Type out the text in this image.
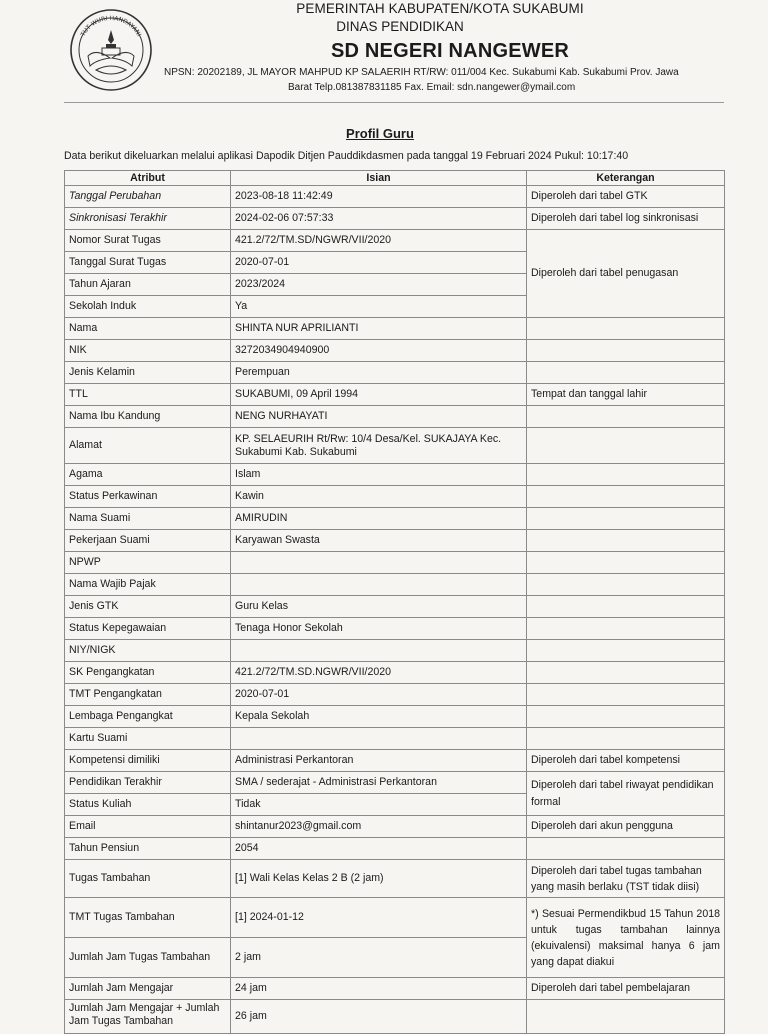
TUT WURI HANDAYANI
PEMERINTAH KABUPATEN/KOTA SUKABUMI
DINAS PENDIDIKAN
SD NEGERI NANGEWER
NPSN: 20202189, JL MAYOR MAHPUD KP SALAERIH RT/RW: 011/004 Kec. Sukabumi Kab. Sukabumi Prov. Jawa
Barat Telp.081387831185 Fax. Email: sdn.nangewer@ymail.com
Profil Guru
Data berikut dikeluarkan melalui aplikasi Dapodik Ditjen Pauddikdasmen pada tanggal 19 Februari 2024 Pukul: 10:17:40
Atribut	Isian	Keterangan
Tanggal Perubahan	2023-08-18 11:42:49	Diperoleh dari tabel GTK
Sinkronisasi Terakhir	2024-02-06 07:57:33	Diperoleh dari tabel log sinkronisasi
Nomor Surat Tugas	421.2/72/TM.SD/NGWR/VII/2020	Diperoleh dari tabel penugasan
Tanggal Surat Tugas	2020-07-01	
Tahun Ajaran	2023/2024	
Sekolah Induk	Ya	
Nama	SHINTA NUR APRILIANTI	
NIK	3272034904940900	
Jenis Kelamin	Perempuan	
TTL	SUKABUMI, 09 April 1994	Tempat dan tanggal lahir
Nama Ibu Kandung	NENG NURHAYATI	
Alamat	KP. SELAEURIH Rt/Rw: 10/4 Desa/Kel. SUKAJAYA Kec. Sukabumi Kab. Sukabumi	
Agama	Islam	
Status Perkawinan	Kawin	
Nama Suami	AMIRUDIN	
Pekerjaan Suami	Karyawan Swasta	
NPWP		
Nama Wajib Pajak		
Jenis GTK	Guru Kelas	
Status Kepegawaian	Tenaga Honor Sekolah	
NIY/NIGK		
SK Pengangkatan	421.2/72/TM.SD.NGWR/VII/2020	
TMT Pengangkatan	2020-07-01	
Lembaga Pengangkat	Kepala Sekolah	
Kartu Suami		
Kompetensi dimiliki	Administrasi Perkantoran	Diperoleh dari tabel kompetensi
Pendidikan Terakhir	SMA / sederajat - Administrasi Perkantoran	Diperoleh dari tabel riwayat pendidikan formal
Status Kuliah	Tidak	
Email	shintanur2023@gmail.com	Diperoleh dari akun pengguna
Tahun Pensiun	2054	
Tugas Tambahan	[1] Wali Kelas Kelas 2 B (2 jam)	Diperoleh dari tabel tugas tambahan yang masih berlaku (TST tidak diisi)
TMT Tugas Tambahan	[1] 2024-01-12	*) Sesuai Permendikbud 15 Tahun 2018 untuk tugas tambahan lainnya (ekuivalensi) maksimal hanya 6 jam yang dapat diakui
Jumlah Jam Tugas Tambahan	2 jam	
Jumlah Jam Mengajar	24 jam	Diperoleh dari tabel pembelajaran
Jumlah Jam Mengajar + Jumlah Jam Tugas Tambahan	26 jam	
